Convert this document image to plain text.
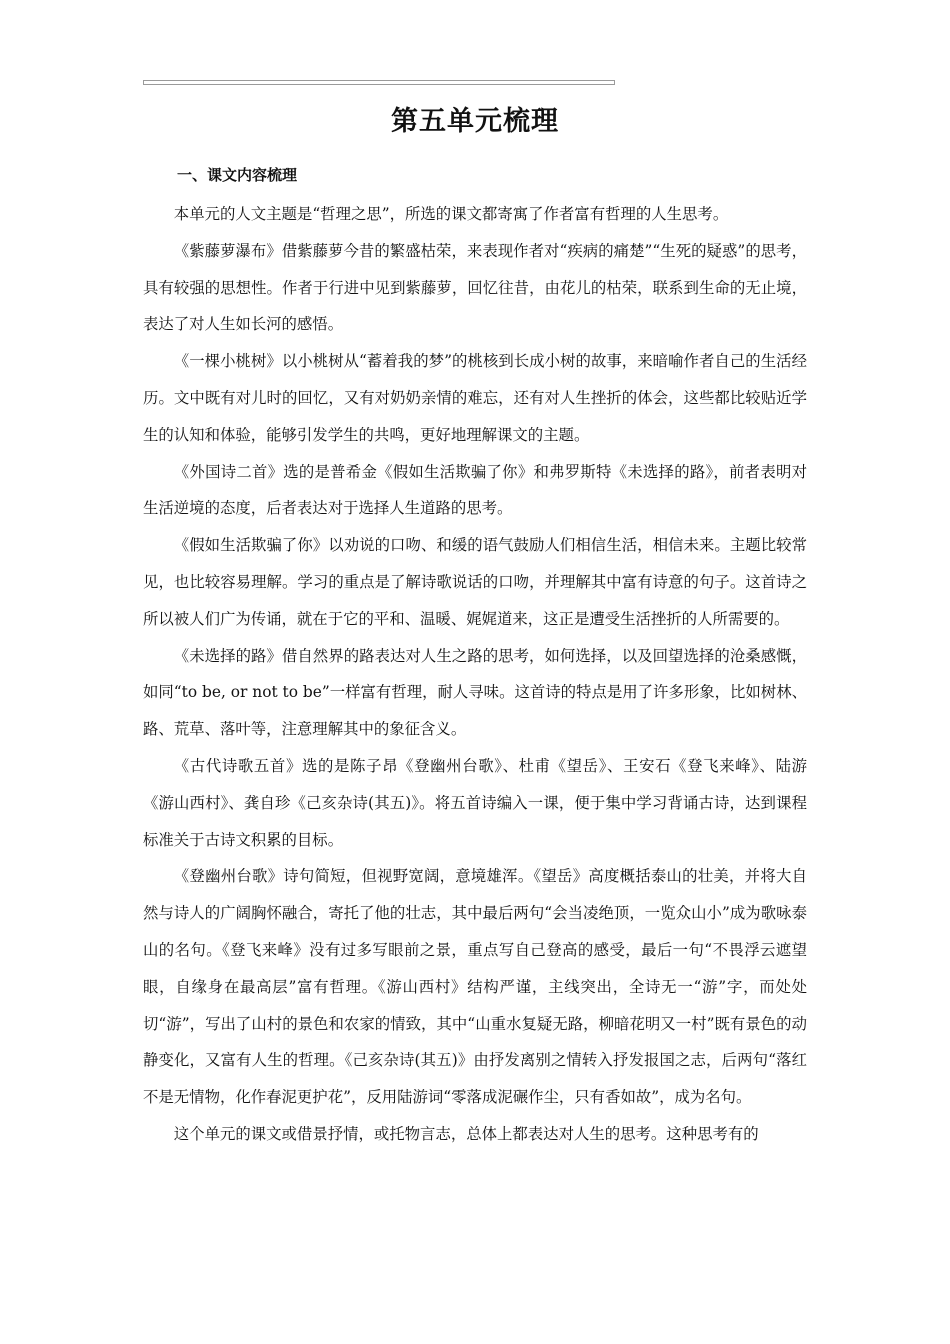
第五单元梳理
一、课文内容梳理

本单元的人文主题是“哲理之思”，所选的课文都寄寓了作者富有哲理的人生思考。

《紫藤萝瀑布》借紫藤萝今昔的繁盛枯荣，来表现作者对“疾病的痛楚”“生死的疑惑”的思考，具有较强的思想性。作者于行进中见到紫藤萝，回忆往昔，由花儿的枯荣，联系到生命的无止境，表达了对人生如长河的感悟。

《一棵小桃树》以小桃树从“蓄着我的梦”的桃核到长成小树的故事，来暗喻作者自己的生活经历。文中既有对儿时的回忆，又有对奶奶亲情的难忘，还有对人生挫折的体会，这些都比较贴近学生的认知和体验，能够引发学生的共鸣，更好地理解课文的主题。

《外国诗二首》选的是普希金《假如生活欺骗了你》和弗罗斯特《未选择的路》，前者表明对生活逆境的态度，后者表达对于选择人生道路的思考。

《假如生活欺骗了你》以劝说的口吻、和缓的语气鼓励人们相信生活，相信未来。主题比较常见，也比较容易理解。学习的重点是了解诗歌说话的口吻，并理解其中富有诗意的句子。这首诗之所以被人们广为传诵，就在于它的平和、温暖、娓娓道来，这正是遭受生活挫折的人所需要的。

《未选择的路》借自然界的路表达对人生之路的思考，如何选择，以及回望选择的沧桑感慨，如同“to be, or not to be”一样富有哲理，耐人寻味。这首诗的特点是用了许多形象，比如树林、路、荒草、落叶等，注意理解其中的象征含义。

《古代诗歌五首》选的是陈子昂《登幽州台歌》、杜甫《望岳》、王安石《登飞来峰》、陆游《游山西村》、龚自珍《己亥杂诗(其五)》。将五首诗编入一课，便于集中学习背诵古诗，达到课程标准关于古诗文积累的目标。

《登幽州台歌》诗句简短，但视野宽阔，意境雄浑。《望岳》高度概括泰山的壮美，并将大自然与诗人的广阔胸怀融合，寄托了他的壮志，其中最后两句“会当凌绝顶，一览众山小”成为歌咏泰山的名句。《登飞来峰》没有过多写眼前之景，重点写自己登高的感受，最后一句“不畏浮云遮望眼，自缘身在最高层”富有哲理。《游山西村》结构严谨，主线突出，全诗无一“游”字，而处处切“游”，写出了山村的景色和农家的情致，其中“山重水复疑无路，柳暗花明又一村”既有景色的动静变化，又富有人生的哲理。《己亥杂诗(其五)》由抒发离别之情转入抒发报国之志，后两句“落红不是无情物，化作春泥更护花”，反用陆游词“零落成泥碾作尘，只有香如故”，成为名句。

这个单元的课文或借景抒情，或托物言志，总体上都表达对人生的思考。这种思考有的
